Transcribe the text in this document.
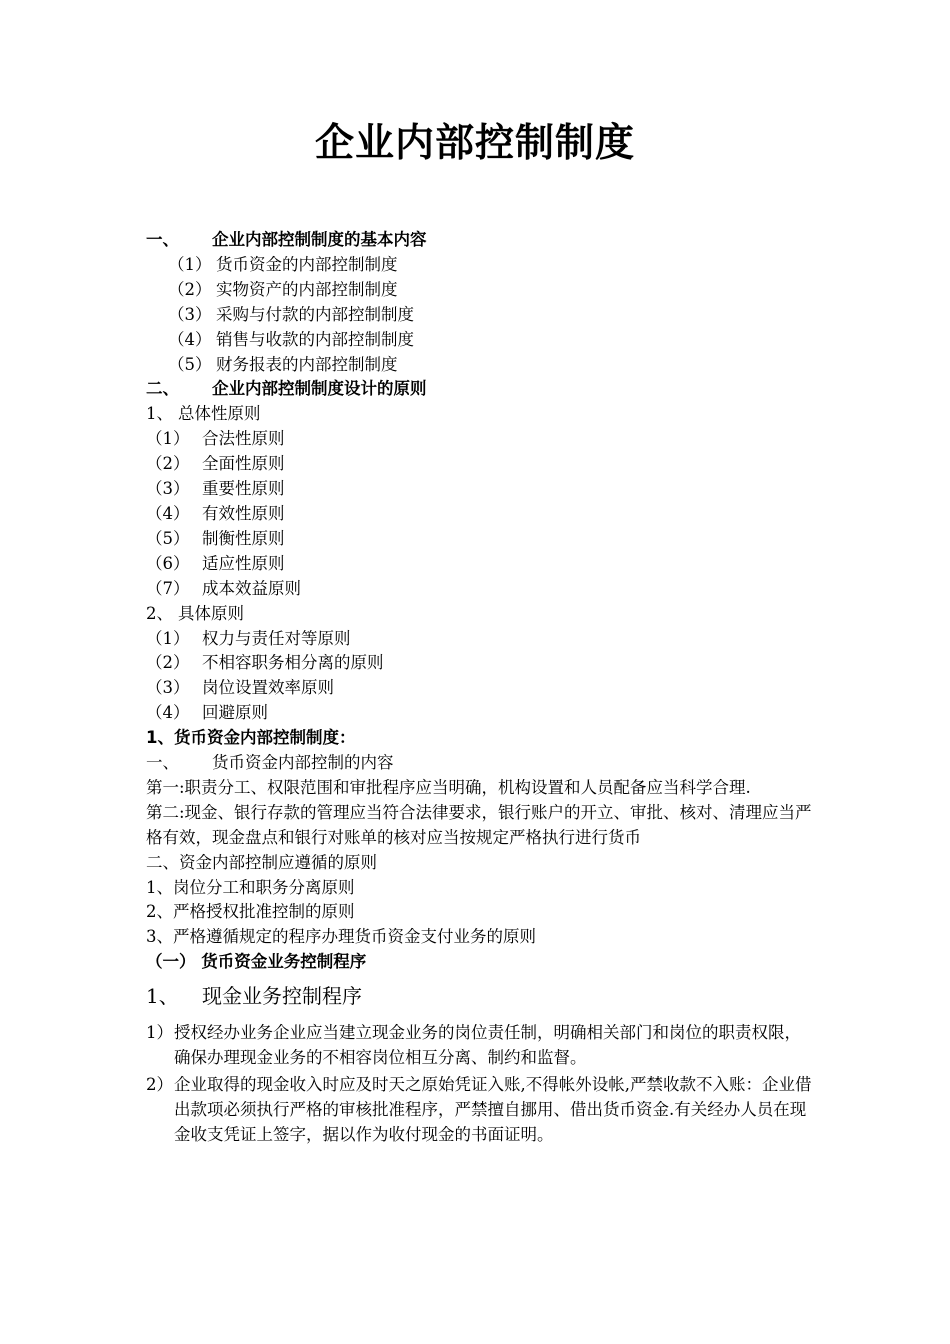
企业内部控制制度
一、	企业内部控制制度的基本内容
（1） 货币资金的内部控制制度
（2） 实物资产的内部控制制度
（3） 采购与付款的内部控制制度
（4） 销售与收款的内部控制制度
（5） 财务报表的内部控制制度
二、	企业内部控制制度设计的原则
1、 总体性原则
（1） 合法性原则
（2） 全面性原则
（3） 重要性原则
（4） 有效性原则
（5） 制衡性原则
（6） 适应性原则
（7） 成本效益原则
2、 具体原则
（1） 权力与责任对等原则
（2） 不相容职务相分离的原则
（3） 岗位设置效率原则
（4） 回避原则
1、货币资金内部控制制度：
一、	货币资金内部控制的内容
第一:职责分工、权限范围和审批程序应当明确，机构设置和人员配备应当科学合理.
第二:现金、银行存款的管理应当符合法律要求，银行账户的开立、审批、核对、清理应当严格有效，现金盘点和银行对账单的核对应当按规定严格执行进行货币
二、资金内部控制应遵循的原则
1、岗位分工和职务分离原则
2、严格授权批准控制的原则
3、严格遵循规定的程序办理货币资金支付业务的原则
（一） 货币资金业务控制程序
1、 现金业务控制程序
1） 授权经办业务企业应当建立现金业务的岗位责任制，明确相关部门和岗位的职责权限，确保办理现金业务的不相容岗位相互分离、制约和监督。
2） 企业取得的现金收入时应及时天之原始凭证入账,不得帐外设帐,严禁收款不入账：企业借出款项必须执行严格的审核批准程序，严禁擅自挪用、借出货币资金.有关经办人员在现金收支凭证上签字，据以作为收付现金的书面证明。
